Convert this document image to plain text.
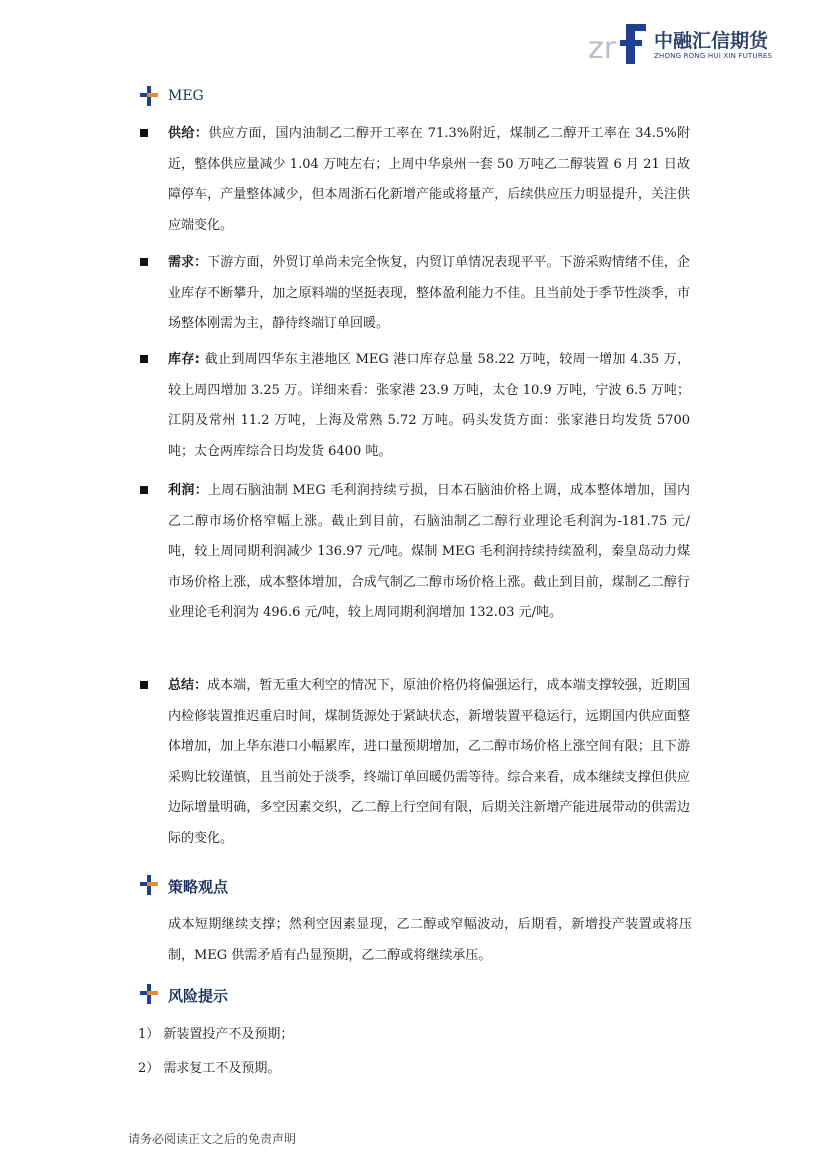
zr 中融汇信期货
ZHONG RONG HUI XIN FUTURES
MEG
供给：供应方面，国内油制乙二醇开工率在 71.3%附近，煤制乙二醇开工率在 34.5%附近，整体供应量减少 1.04 万吨左右；上周中华泉州一套 50 万吨乙二醇装置 6 月 21 日故障停车，产量整体减少，但本周浙石化新增产能或将量产，后续供应压力明显提升，关注供应端变化。
需求：下游方面，外贸订单尚未完全恢复，内贸订单情况表现平平。下游采购情绪不佳，企业库存不断攀升，加之原料端的坚挺表现，整体盈利能力不佳。且当前处于季节性淡季，市场整体刚需为主，静待终端订单回暖。
库存: 截止到周四华东主港地区 MEG 港口库存总量 58.22 万吨，较周一增加 4.35 万，较上周四增加 3.25 万。详细来看：张家港 23.9 万吨，太仓 10.9 万吨，宁波 6.5 万吨；江阴及常州 11.2 万吨，上海及常熟 5.72 万吨。码头发货方面：张家港日均发货 5700 吨；太仓两库综合日均发货 6400 吨。
利润：上周石脑油制 MEG 毛利润持续亏损，日本石脑油价格上调，成本整体增加，国内乙二醇市场价格窄幅上涨。截止到目前，石脑油制乙二醇行业理论毛利润为-181.75 元/吨，较上周同期利润减少 136.97 元/吨。煤制 MEG 毛利润持续持续盈利，秦皇岛动力煤市场价格上涨，成本整体增加，合成气制乙二醇市场价格上涨。截止到目前，煤制乙二醇行业理论毛利润为 496.6 元/吨，较上周同期利润增加 132.03 元/吨。
总结：成本端，暂无重大利空的情况下，原油价格仍将偏强运行，成本端支撑较强，近期国内检修装置推迟重启时间，煤制货源处于紧缺状态，新增装置平稳运行，远期国内供应面整体增加，加上华东港口小幅累库，进口量预期增加，乙二醇市场价格上涨空间有限；且下游采购比较谨慎，且当前处于淡季，终端订单回暖仍需等待。综合来看，成本继续支撑但供应边际增量明确，多空因素交织，乙二醇上行空间有限，后期关注新增产能进展带动的供需边际的变化。
策略观点
成本短期继续支撑；然利空因素显现，乙二醇或窄幅波动，后期看，新增投产装置或将压制，MEG 供需矛盾有凸显预期，乙二醇或将继续承压。
风险提示
1） 新装置投产不及预期；
2） 需求复工不及预期。
请务必阅读正文之后的免责声明
